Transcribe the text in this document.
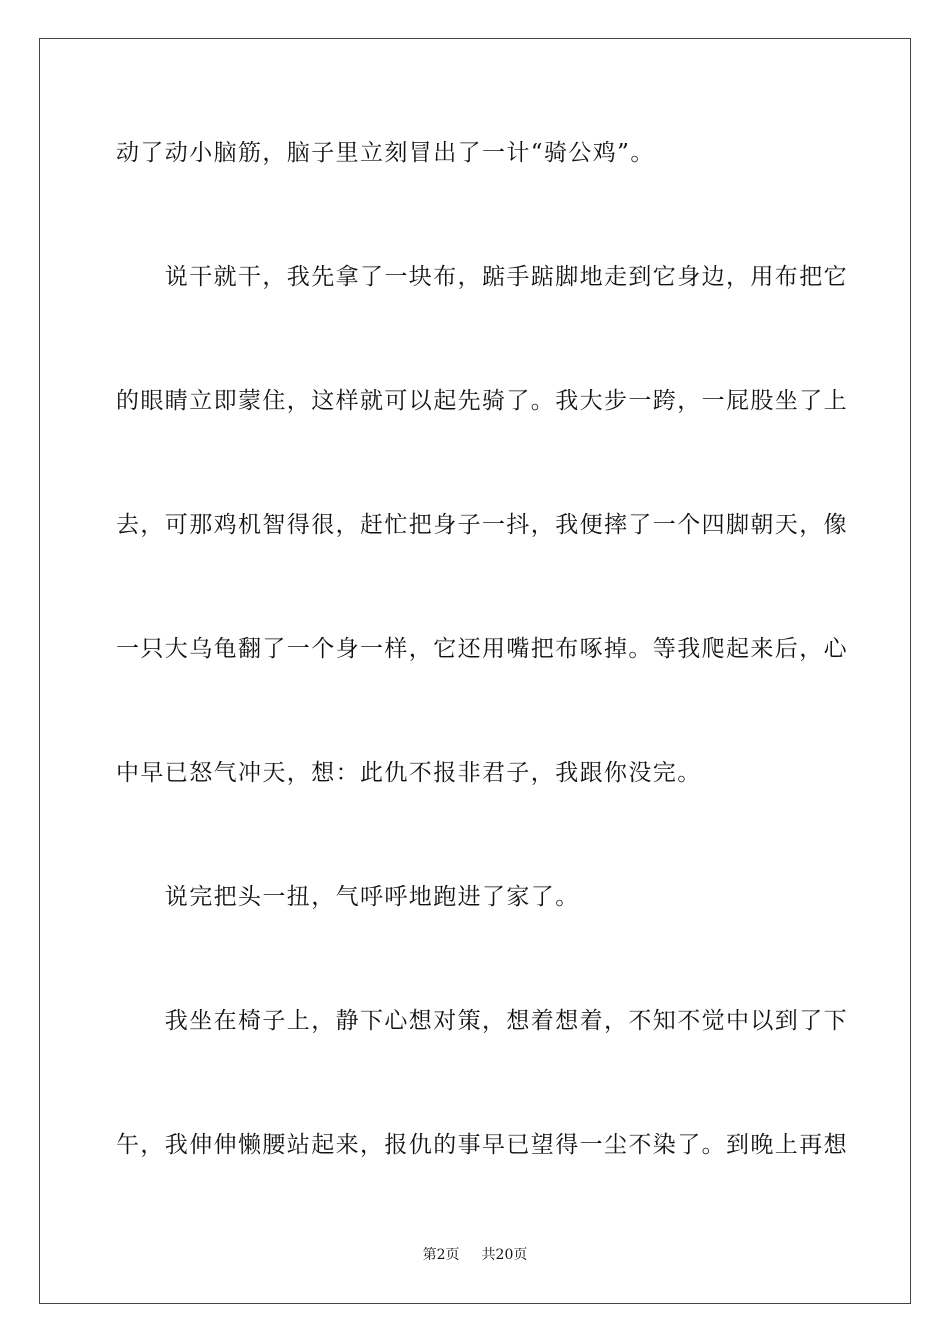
动了动小脑筋，脑子里立刻冒出了一计“骑公鸡”。
　　说干就干，我先拿了一块布，踮手踮脚地走到它身边，用布把它
的眼睛立即蒙住，这样就可以起先骑了。我大步一跨，一屁股坐了上
去，可那鸡机智得很，赶忙把身子一抖，我便摔了一个四脚朝天，像
一只大乌龟翻了一个身一样，它还用嘴把布啄掉。等我爬起来后，心
中早已怒气冲天，想：此仇不报非君子，我跟你没完。
　　说完把头一扭，气呼呼地跑进了家了。
　　我坐在椅子上，静下心想对策，想着想着，不知不觉中以到了下
午，我伸伸懒腰站起来，报仇的事早已望得一尘不染了。到晚上再想
第2页 共20页
